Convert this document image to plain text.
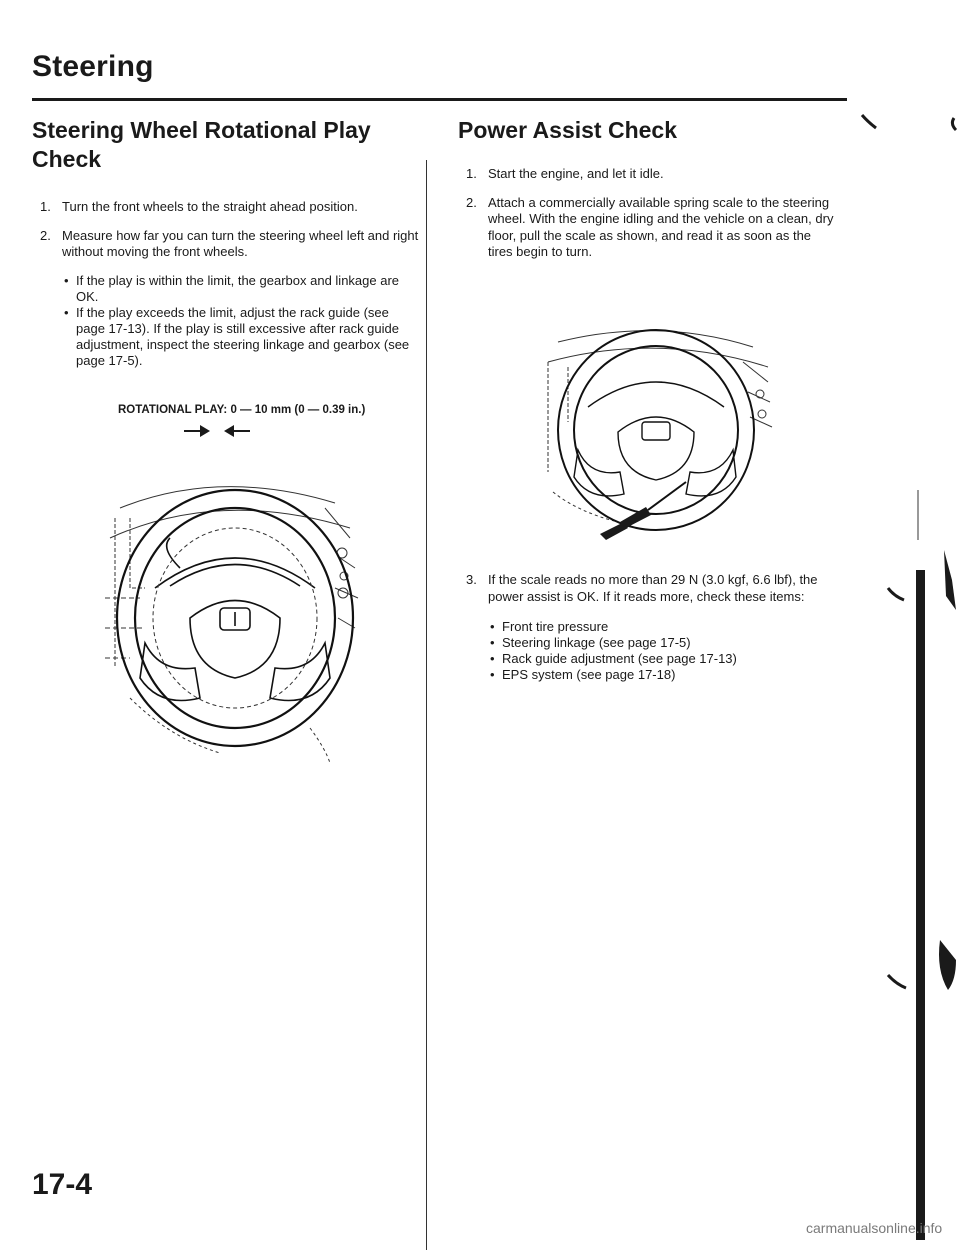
Steering
Steering Wheel Rotational Play
Check
1. Turn the front wheels to the straight ahead position.
2. Measure how far you can turn the steering wheel left and right without moving the front wheels.
• If the play is within the limit, the gearbox and linkage are OK.
• If the play exceeds the limit, adjust the rack guide (see page 17-13). If the play is still excessive after rack guide adjustment, inspect the steering linkage and gearbox (see page 17-5).
ROTATIONAL PLAY: 0 — 10 mm (0 — 0.39 in.)
Power Assist Check
1. Start the engine, and let it idle.
2. Attach a commercially available spring scale to the steering wheel. With the engine idling and the vehicle on a clean, dry floor, pull the scale as shown, and read it as soon as the tires begin to turn.
3. If the scale reads no more than 29 N (3.0 kgf, 6.6 lbf), the power assist is OK. If it reads more, check these items:
• Front tire pressure
• Steering linkage (see page 17-5)
• Rack guide adjustment (see page 17-13)
• EPS system (see page 17-18)
17-4
carmanualsonline.info
